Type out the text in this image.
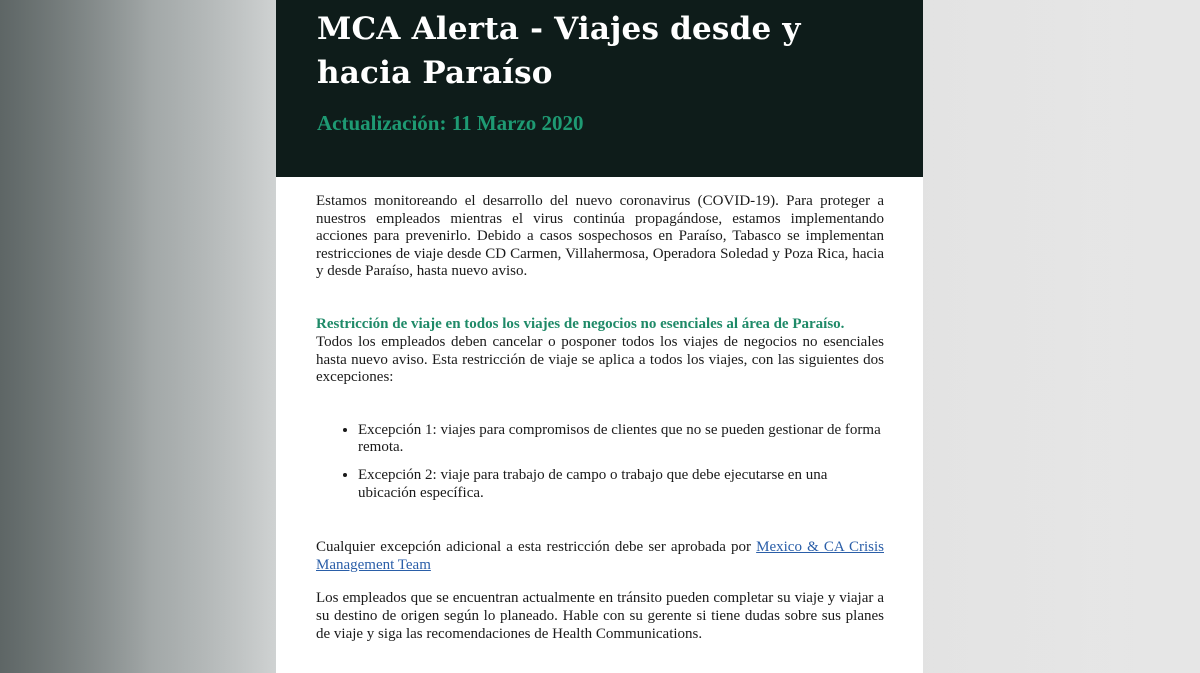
MCA Alerta - Viajes desde y hacia Paraíso

Actualización: 11 Marzo 2020

Estamos monitoreando el desarrollo del nuevo coronavirus (COVID-19). Para proteger a nuestros empleados mientras el virus continúa propagándose, estamos implementando acciones para prevenirlo. Debido a casos sospechosos en Paraíso, Tabasco se implementan restricciones de viaje desde CD Carmen, Villahermosa, Operadora Soledad y Poza Rica, hacia y desde Paraíso, hasta nuevo aviso.

Restricción de viaje en todos los viajes de negocios no esenciales al área de Paraíso.

Todos los empleados deben cancelar o posponer todos los viajes de negocios no esenciales hasta nuevo aviso. Esta restricción de viaje se aplica a todos los viajes, con las siguientes dos excepciones:

• Excepción 1: viajes para compromisos de clientes que no se pueden gestionar de forma remota.
• Excepción 2: viaje para trabajo de campo o trabajo que debe ejecutarse en una ubicación específica.

Cualquier excepción adicional a esta restricción debe ser aprobada por Mexico & CA Crisis Management Team

Los empleados que se encuentran actualmente en tránsito pueden completar su viaje y viajar a su destino de origen según lo planeado. Hable con su gerente si tiene dudas sobre sus planes de viaje y siga las recomendaciones de Health Communications.
